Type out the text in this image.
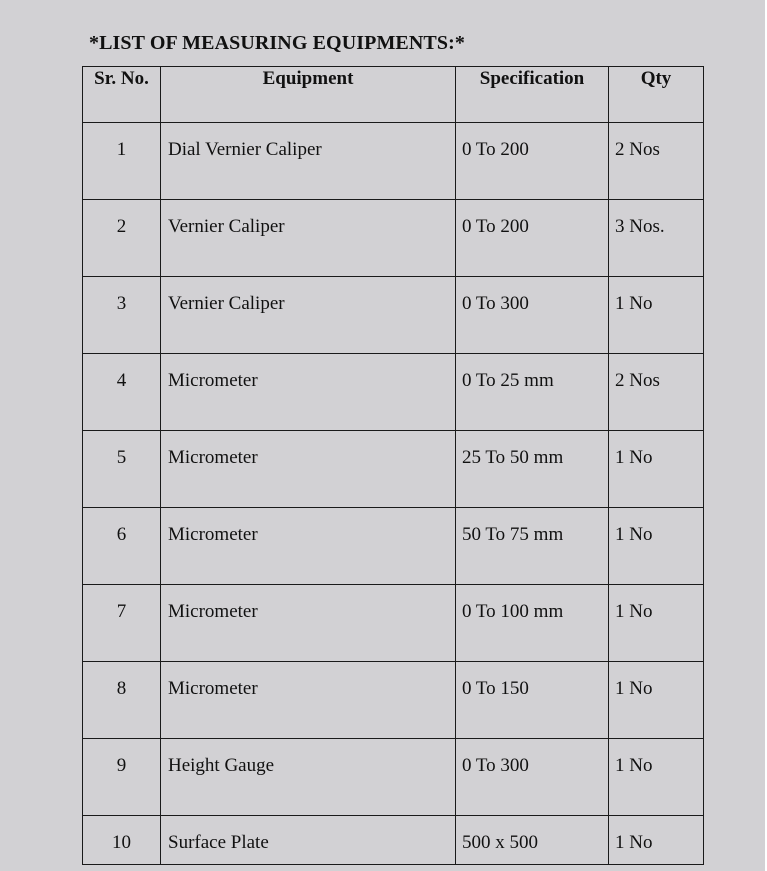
*LIST OF MEASURING EQUIPMENTS:*
Sr. No.	Equipment	Specification	Qty

1	Dial Vernier Caliper	0 To 200	2 Nos

2	Vernier Caliper	0 To 200	3 Nos.

3	Vernier Caliper	0 To 300	1 No

4	Micrometer	0 To 25 mm	2 Nos

5	Micrometer	25 To 50 mm	1 No

6	Micrometer	50 To 75 mm	1 No

7	Micrometer	0 To 100 mm	1 No

8	Micrometer	0 To 150	1 No

9	Height Gauge	0 To 300	1 No

10	Surface Plate	500 x 500	1 No
